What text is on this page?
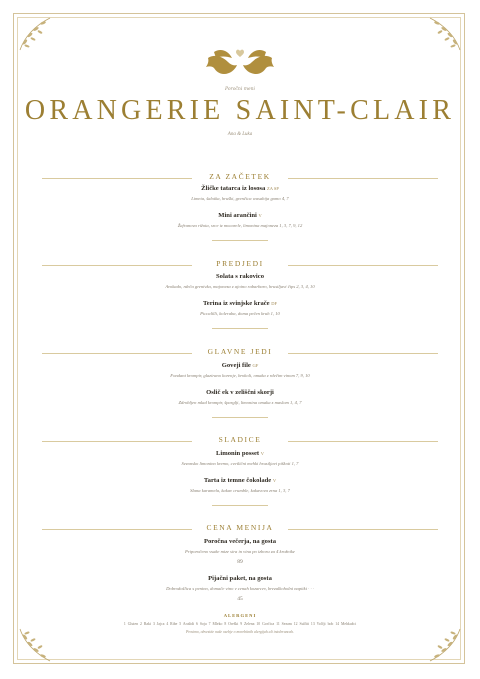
Poročni meni
ORANGERIE SAINT-CLAIR
Ana & Luka
ZA ZAČETEK
Žličke tatarca iz lososa ZA SP
Limeta, šalotka, hruški, grenčica wasabija gomo 4, 7
Mini arančini V
Žafranova rižota, srce iz mocarele, limonina majoneza 1, 3, 7, 9, 12
PREDJEDI
Solata s rakovico
Avokado, rdeča grenivka, majoneza z ajoino rabarbaro, hrustljavi čips 2, 3, 4, 10
Terina iz svinjske krače DF
Piccalilli, koleraba, doma pečen kruh 1, 10
GLAVNE JEDI
Goveji file GF
Fondant krompir, glazirano korenje, brokoli, omaka z rdečim vinom 7, 9, 10
Oslič ek v zeliščni skorji
Zdrobljen mlad krompir, šparglji, limonina omaka z maslom 1, 4, 7
SLADICE
Limonin posset V
Sezonsko limonino kremo, cvetlični mehki hrustljavi piškoti 1, 7
Tarta iz temne čokolade V
Slana karamela, kakav crumble, kakavova zrna 1, 3, 7
CENA MENIJA
Poročna večerja, na gosta
Priporočeno vsake mize sira in vina po izboru za 4 krožnike
89
Pijačni paket, na gosta
Dobrodošlica s penino, domače vino v cenah kozarcev, brezalkoholni napitki · · ·
45
ALERGENI
1 Gluten 2 Raki 3 Jajca 4 Ribe 5 Arašidi 6 Soja 7 Mleko 8 Oreški 9 Zelena 10 Gorčica 11 Sezam 12 Sulfiti 13 Volčji bob 14 Mehkužci
Prosimo, obvestite naše osebje o morebitnih alergijah ali intolerancah.
